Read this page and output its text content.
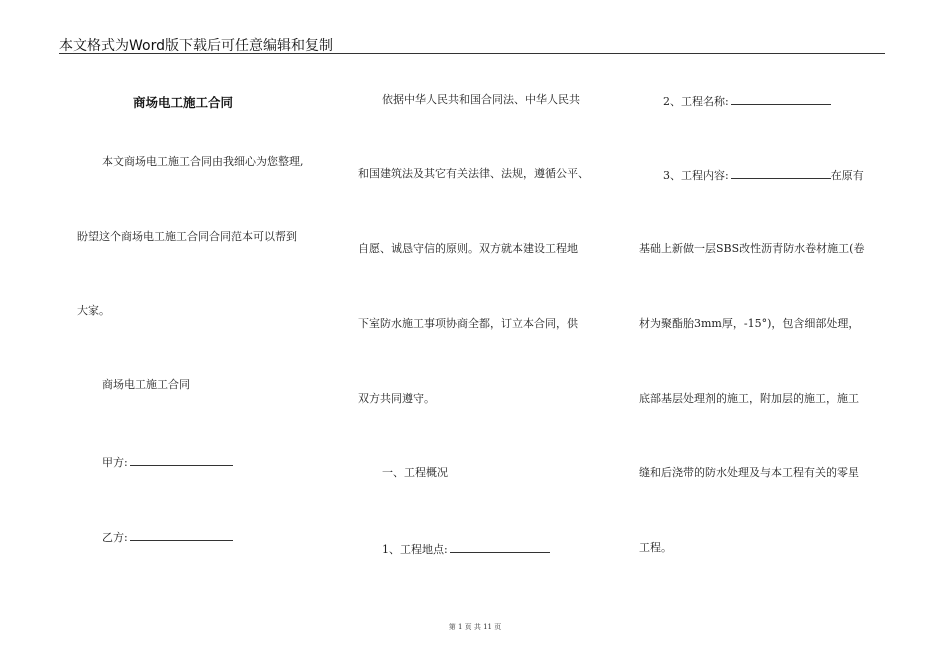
本文格式为Word版下载后可任意编辑和复制
商场电工施工合同
本文商场电工施工合同由我细心为您整理,
盼望这个商场电工施工合同合同范本可以帮到
大家。
商场电工施工合同
甲方:
乙方:
依据中华人民共和国合同法、中华人民共
和国建筑法及其它有关法律、法规，遵循公平、
自愿、诚恳守信的原则。双方就本建设工程地
下室防水施工事项协商全都，订立本合同，供
双方共同遵守。
一、工程概况
1、工程地点:
2、工程名称:
3、工程内容:	在原有
基础上新做一层SBS改性沥青防水卷材施工(卷
材为聚酯胎3mm厚，-15°)，包含细部处理，
底部基层处理剂的施工，附加层的施工，施工
缝和后浇带的防水处理及与本工程有关的零星
工程。
第 1 页 共 11 页
